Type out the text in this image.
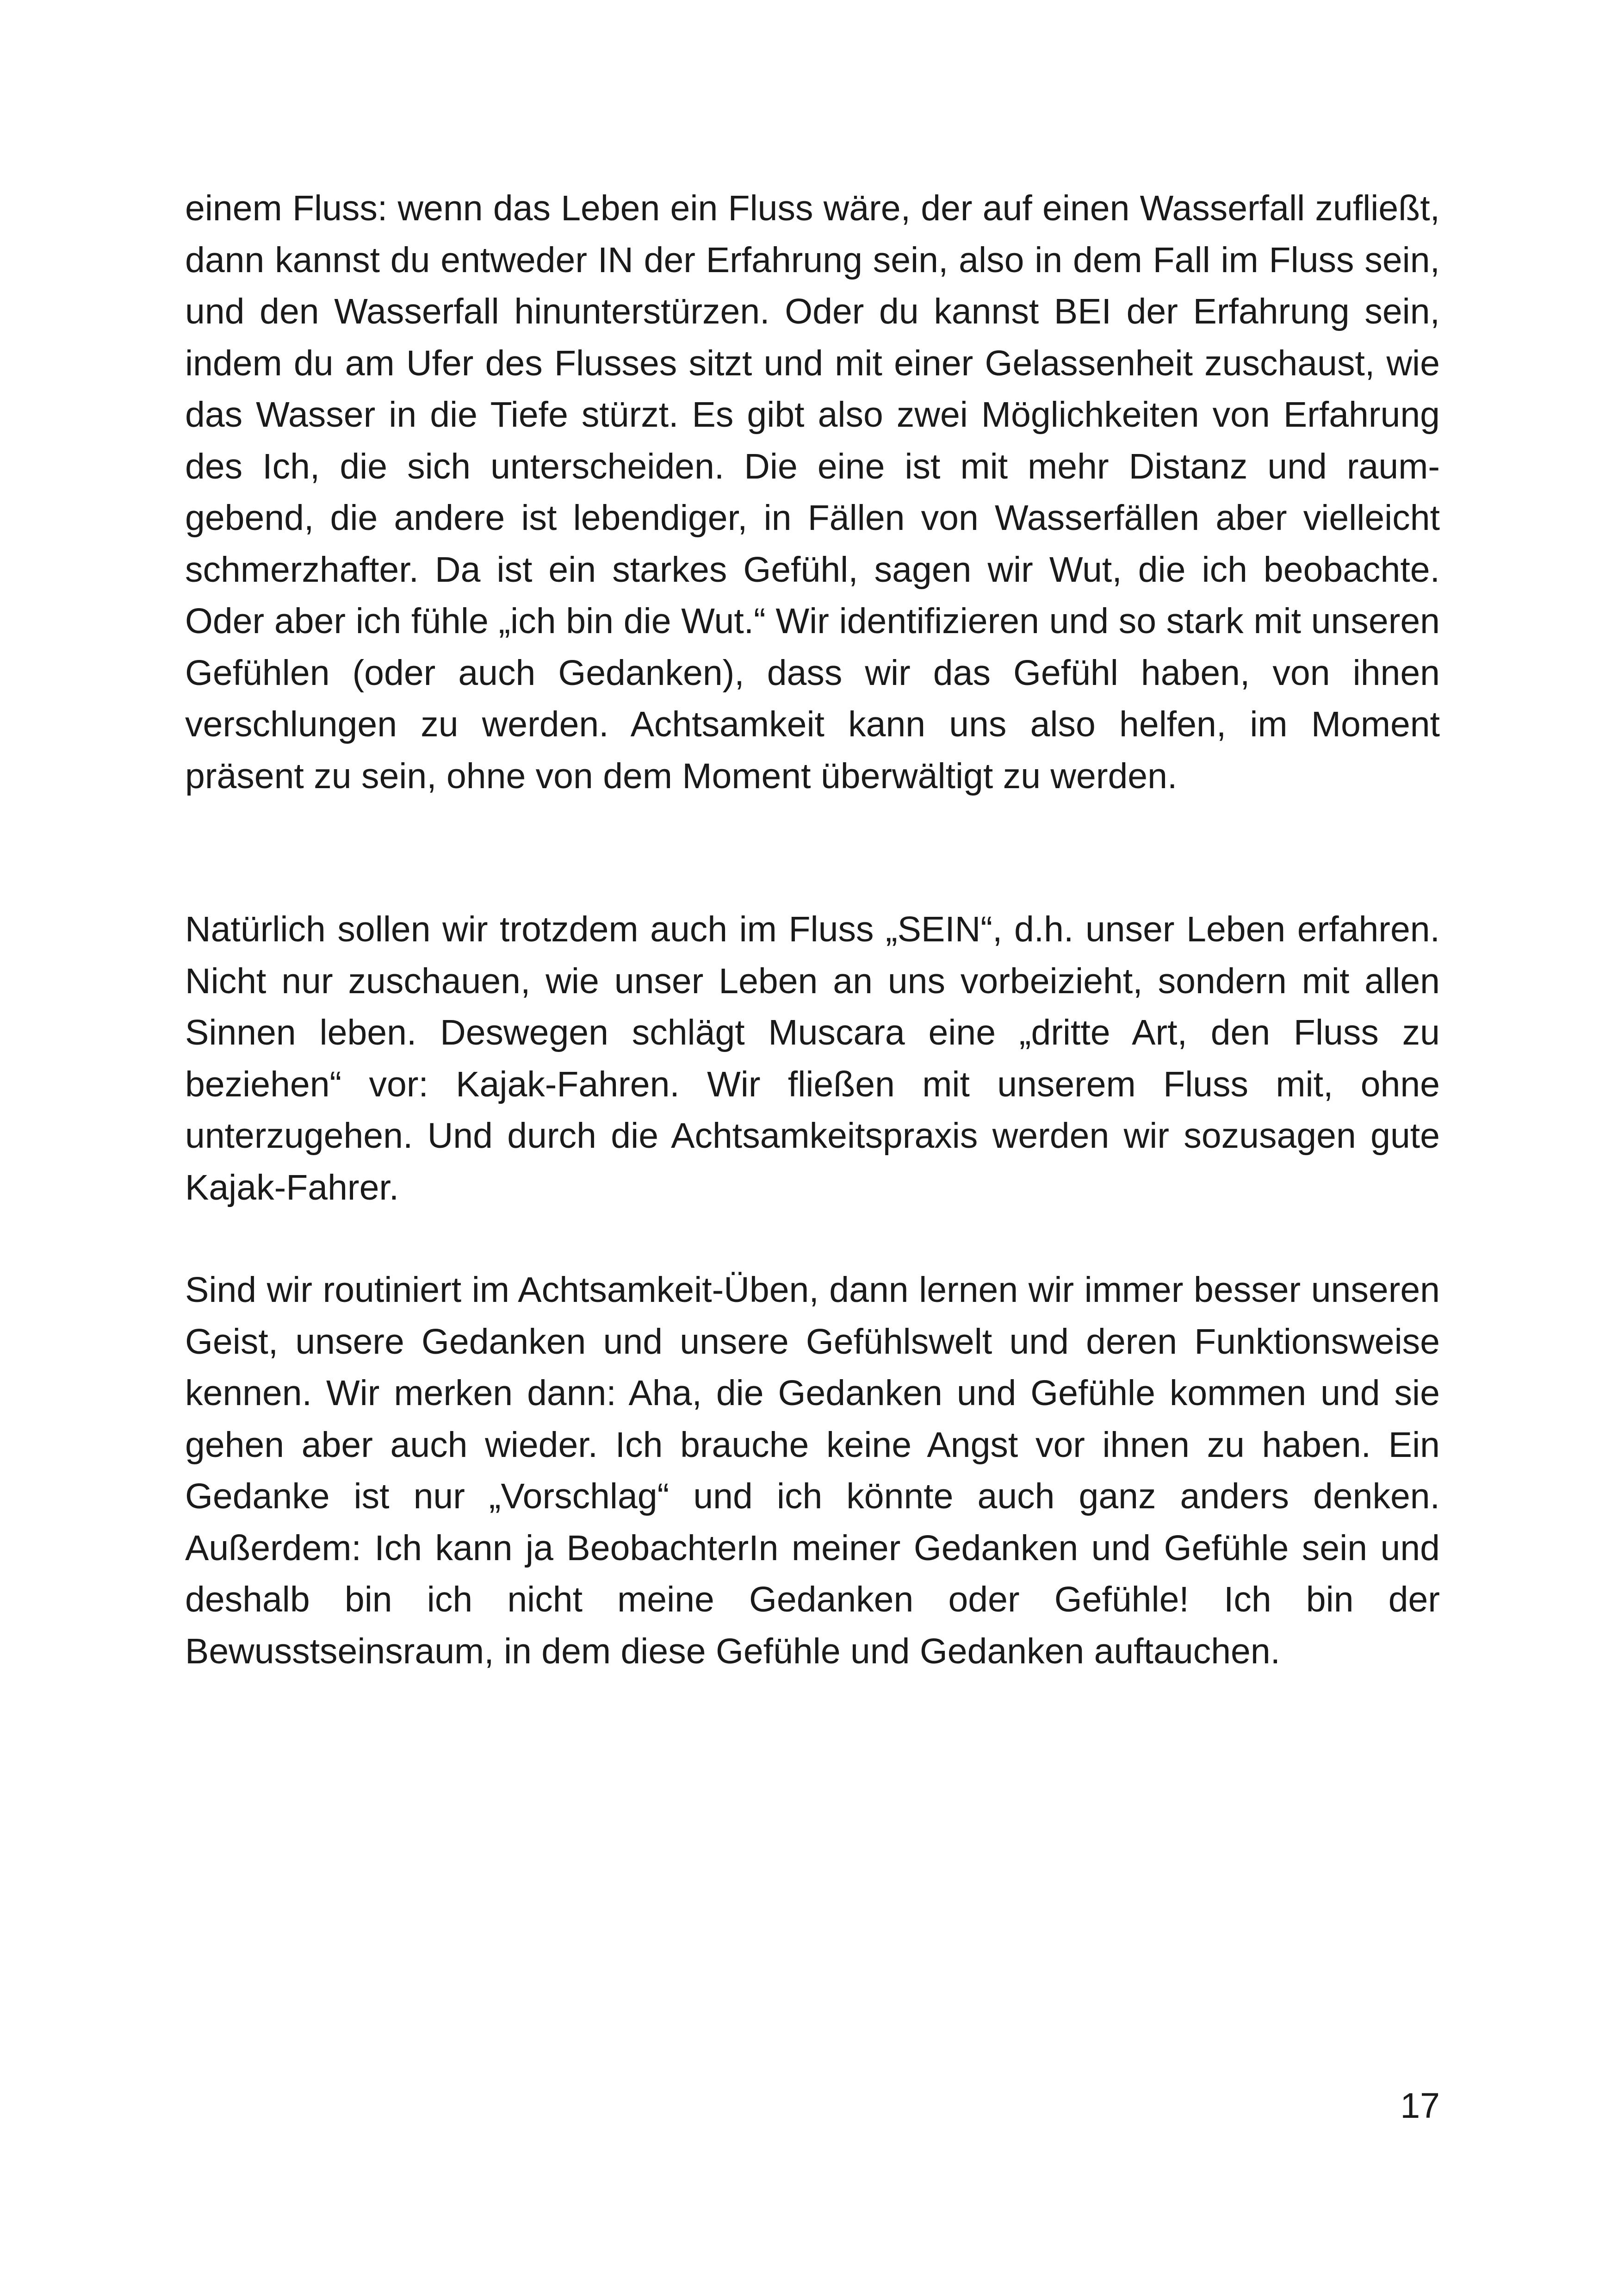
einem Fluss: wenn das Leben ein Fluss wäre, der auf einen Wasserfall zufließt, dann kannst du entweder IN der Erfahrung sein, also in dem Fall im Fluss sein, und den Wasserfall hinunterstürzen. Oder du kannst BEI der Erfahrung sein, indem du am Ufer des Flusses sitzt und mit einer Gelassenheit zuschaust, wie das Wasser in die Tiefe stürzt. Es gibt also zwei Möglichkeiten von Erfahrung des Ich, die sich unterscheiden. Die eine ist mit mehr Distanz und raum-gebend, die andere ist lebendiger, in Fällen von Wasserfällen aber vielleicht schmerzhafter. Da ist ein starkes Gefühl, sagen wir Wut, die ich beobachte. Oder aber ich fühle „ich bin die Wut.“ Wir identifizieren und so stark mit unseren Gefühlen (oder auch Gedanken), dass wir das Gefühl haben, von ihnen verschlungen zu werden. Achtsamkeit kann uns also helfen, im Moment präsent zu sein, ohne von dem Moment überwältigt zu werden.

Natürlich sollen wir trotzdem auch im Fluss „SEIN“, d.h. unser Leben erfahren. Nicht nur zuschauen, wie unser Leben an uns vorbeizieht, sondern mit allen Sinnen leben. Deswegen schlägt Muscara eine „dritte Art, den Fluss zu beziehen“ vor: Kajak-Fahren. Wir fließen mit unserem Fluss mit, ohne unterzugehen. Und durch die Achtsamkeitspraxis werden wir sozusagen gute Kajak-Fahrer.

Sind wir routiniert im Achtsamkeit-Üben, dann lernen wir immer besser unseren Geist, unsere Gedanken und unsere Gefühlswelt und deren Funktionsweise kennen. Wir merken dann: Aha, die Gedanken und Gefühle kommen und sie gehen aber auch wieder. Ich brauche keine Angst vor ihnen zu haben. Ein Gedanke ist nur „Vorschlag“ und ich könnte auch ganz anders denken. Außerdem: Ich kann ja BeobachterIn meiner Gedanken und Gefühle sein und deshalb bin ich nicht meine Gedanken oder Gefühle! Ich bin der Bewusstseinsraum, in dem diese Gefühle und Gedanken auftauchen.

17
